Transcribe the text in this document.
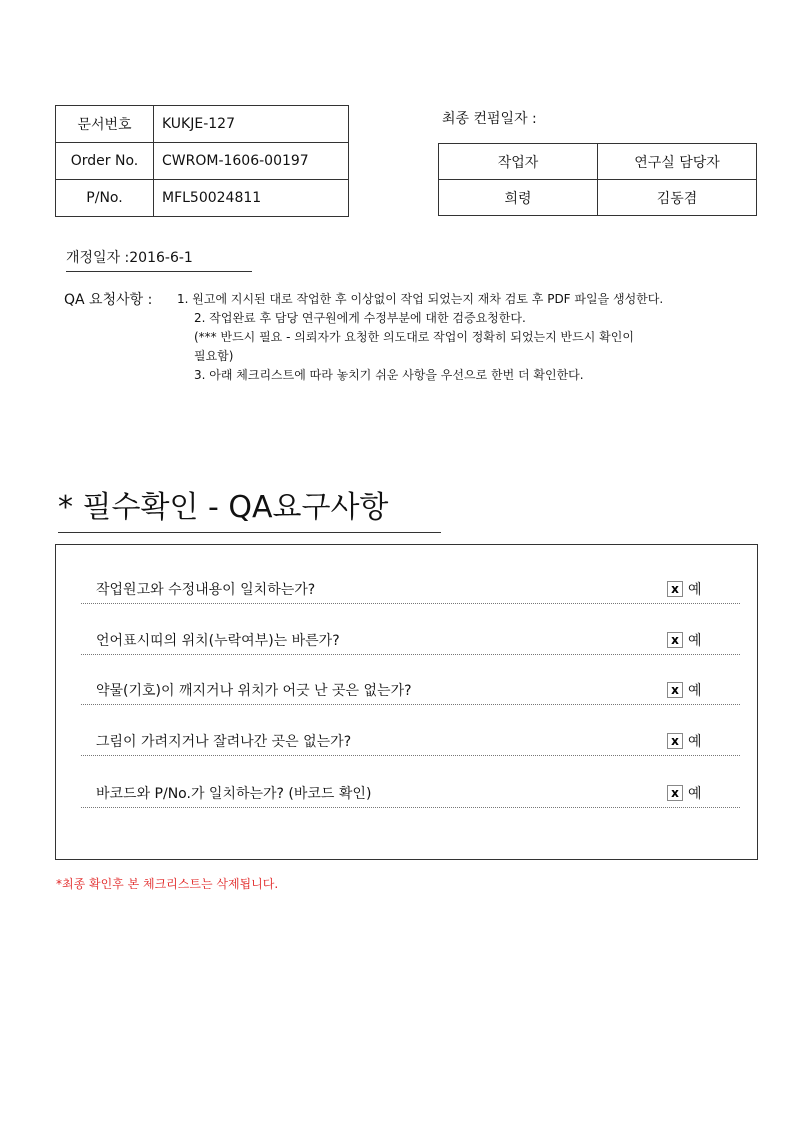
문서번호	KUKJE-127
Order No.	CWROM-1606-00197
P/No.	MFL50024811
최종 컨펌일자 :
작업자	연구실 담당자
희령	김동겸
개정일자 :2016-6-1
QA 요청사항 : 1. 원고에 지시된 대로 작업한 후 이상없이 작업 되었는지 재차 검토 후 PDF 파일을 생성한다.
2. 작업완료 후 담당 연구원에게 수정부분에 대한 검증요청한다.
(*** 반드시 필요 - 의뢰자가 요청한 의도대로 작업이 정확히 되었는지 반드시 확인이
필요함)
3. 아래 체크리스트에 따라 놓치기 쉬운 사항을 우선으로 한번 더 확인한다.
* 필수확인 - QA요구사항
작업원고와 수정내용이 일치하는가?	x 예
언어표시띠의 위치(누락여부)는 바른가?	x 예
약물(기호)이 깨지거나 위치가 어긋 난 곳은 없는가?	x 예
그림이 가려지거나 잘려나간 곳은 없는가?	x 예
바코드와 P/No.가 일치하는가? (바코드 확인)	x 예
*최종 확인후 본 체크리스트는 삭제됩니다.
